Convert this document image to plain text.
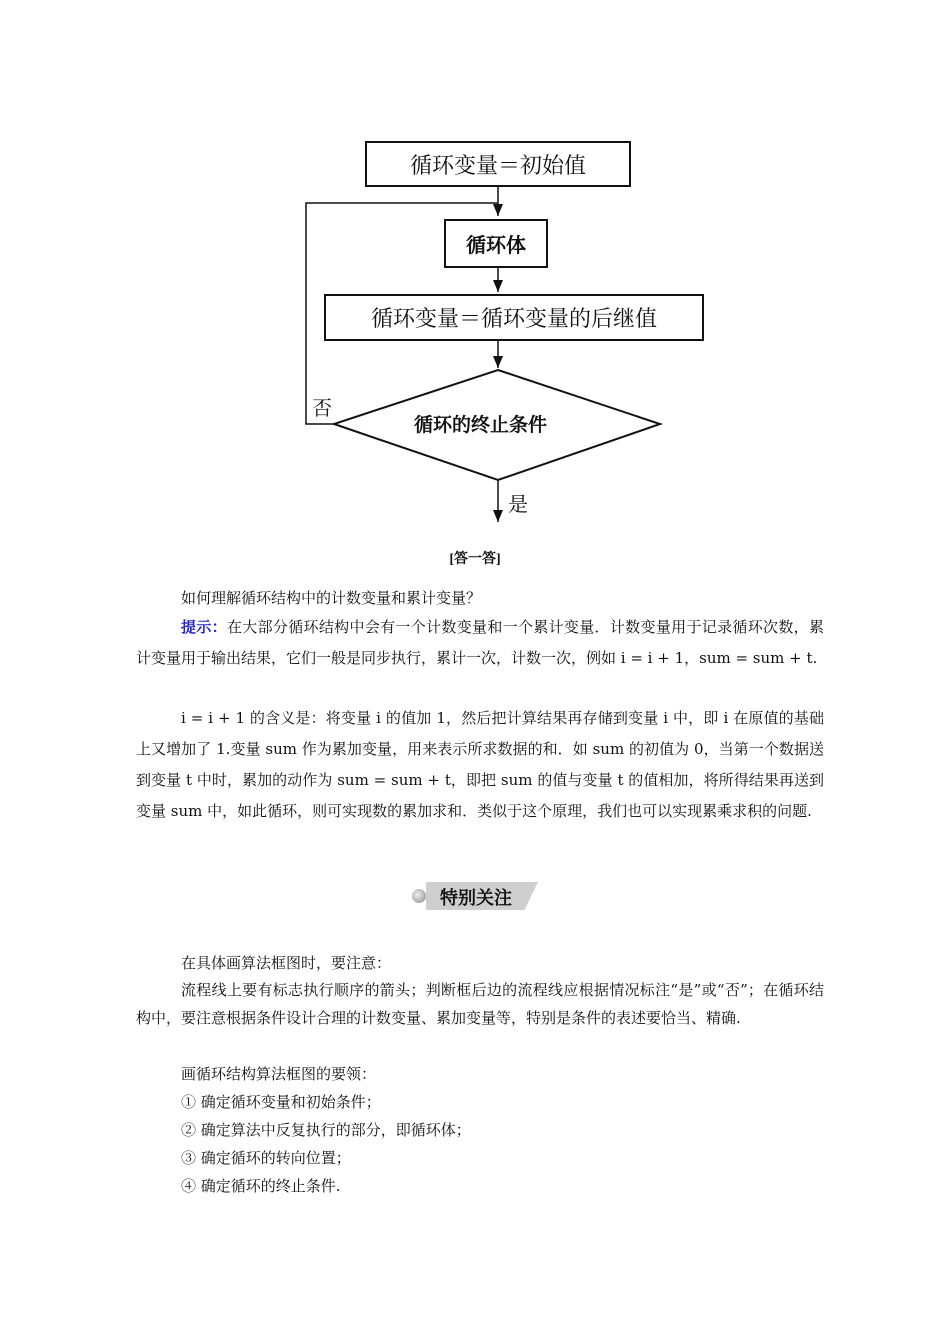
循环变量＝初始值
循环体
循环变量＝循环变量的后继值
循环的终止条件
否
是
[答一答]
如何理解循环结构中的计数变量和累计变量？
提示：在大部分循环结构中会有一个计数变量和一个累计变量．计数变量用于记录循环次数，累计变量用于输出结果，它们一般是同步执行，累计一次，计数一次，例如 i = i + 1，sum = sum + t.
i = i + 1 的含义是：将变量 i 的值加 1，然后把计算结果再存储到变量 i 中，即 i 在原值的基础上又增加了 1.变量 sum 作为累加变量，用来表示所求数据的和．如 sum 的初值为 0，当第一个数据送到变量 t 中时，累加的动作为 sum = sum + t，即把 sum 的值与变量 t 的值相加，将所得结果再送到变量 sum 中，如此循环，则可实现数的累加求和．类似于这个原理，我们也可以实现累乘求积的问题.
特别关注
在具体画算法框图时，要注意：
流程线上要有标志执行顺序的箭头；判断框后边的流程线应根据情况标注“是”或“否”；在循环结构中，要注意根据条件设计合理的计数变量、累加变量等，特别是条件的表述要恰当、精确.
画循环结构算法框图的要领：
① 确定循环变量和初始条件；
② 确定算法中反复执行的部分，即循环体；
③ 确定循环的转向位置；
④ 确定循环的终止条件.
